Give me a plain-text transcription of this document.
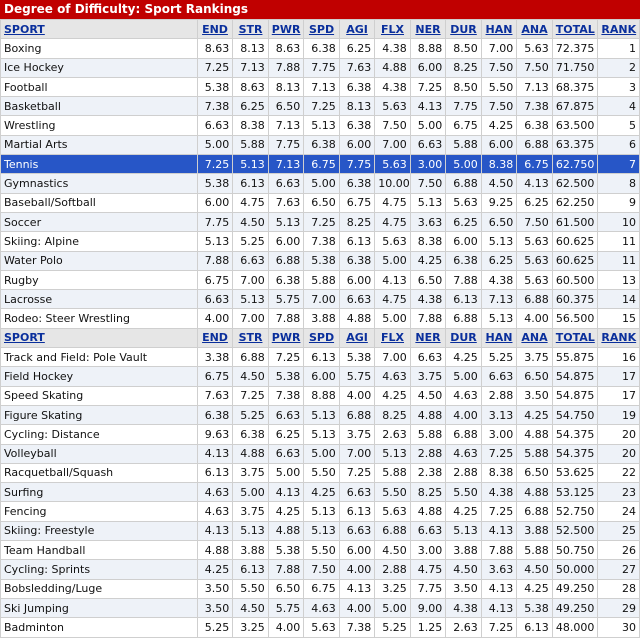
Degree of Difficulty: Sport Rankings
SPORT	END	STR	PWR	SPD	AGI	FLX	NER	DUR	HAN	ANA	TOTAL	RANK
Boxing	8.63	8.13	8.63	6.38	6.25	4.38	8.88	8.50	7.00	5.63	72.375	1
Ice Hockey	7.25	7.13	7.88	7.75	7.63	4.88	6.00	8.25	7.50	7.50	71.750	2
Football	5.38	8.63	8.13	7.13	6.38	4.38	7.25	8.50	5.50	7.13	68.375	3
Basketball	7.38	6.25	6.50	7.25	8.13	5.63	4.13	7.75	7.50	7.38	67.875	4
Wrestling	6.63	8.38	7.13	5.13	6.38	7.50	5.00	6.75	4.25	6.38	63.500	5
Martial Arts	5.00	5.88	7.75	6.38	6.00	7.00	6.63	5.88	6.00	6.88	63.375	6
Tennis	7.25	5.13	7.13	6.75	7.75	5.63	3.00	5.00	8.38	6.75	62.750	7
Gymnastics	5.38	6.13	6.63	5.00	6.38	10.00	7.50	6.88	4.50	4.13	62.500	8
Baseball/Softball	6.00	4.75	7.63	6.50	6.75	4.75	5.13	5.63	9.25	6.25	62.250	9
Soccer	7.75	4.50	5.13	7.25	8.25	4.75	3.63	6.25	6.50	7.50	61.500	10
Skiing: Alpine	5.13	5.25	6.00	7.38	6.13	5.63	8.38	6.00	5.13	5.63	60.625	11
Water Polo	7.88	6.63	6.88	5.38	6.38	5.00	4.25	6.38	6.25	5.63	60.625	11
Rugby	6.75	7.00	6.38	5.88	6.00	4.13	6.50	7.88	4.38	5.63	60.500	13
Lacrosse	6.63	5.13	5.75	7.00	6.63	4.75	4.38	6.13	7.13	6.88	60.375	14
Rodeo: Steer Wrestling	4.00	7.00	7.88	3.88	4.88	5.00	7.88	6.88	5.13	4.00	56.500	15
SPORT	END	STR	PWR	SPD	AGI	FLX	NER	DUR	HAN	ANA	TOTAL	RANK
Track and Field: Pole Vault	3.38	6.88	7.25	6.13	5.38	7.00	6.63	4.25	5.25	3.75	55.875	16
Field Hockey	6.75	4.50	5.38	6.00	5.75	4.63	3.75	5.00	6.63	6.50	54.875	17
Speed Skating	7.63	7.25	7.38	8.88	4.00	4.25	4.50	4.63	2.88	3.50	54.875	17
Figure Skating	6.38	5.25	6.63	5.13	6.88	8.25	4.88	4.00	3.13	4.25	54.750	19
Cycling: Distance	9.63	6.38	6.25	5.13	3.75	2.63	5.88	6.88	3.00	4.88	54.375	20
Volleyball	4.13	4.88	6.63	5.00	7.00	5.13	2.88	4.63	7.25	5.88	54.375	20
Racquetball/Squash	6.13	3.75	5.00	5.50	7.25	5.88	2.38	2.88	8.38	6.50	53.625	22
Surfing	4.63	5.00	4.13	4.25	6.63	5.50	8.25	5.50	4.38	4.88	53.125	23
Fencing	4.63	3.75	4.25	5.13	6.13	5.63	4.88	4.25	7.25	6.88	52.750	24
Skiing: Freestyle	4.13	5.13	4.88	5.13	6.63	6.88	6.63	5.13	4.13	3.88	52.500	25
Team Handball	4.88	3.88	5.38	5.50	6.00	4.50	3.00	3.88	7.88	5.88	50.750	26
Cycling: Sprints	4.25	6.13	7.88	7.50	4.00	2.88	4.75	4.50	3.63	4.50	50.000	27
Bobsledding/Luge	3.50	5.50	6.50	6.75	4.13	3.25	7.75	3.50	4.13	4.25	49.250	28
Ski Jumping	3.50	4.50	5.75	4.63	4.00	5.00	9.00	4.38	4.13	5.38	49.250	29
Badminton	5.25	3.25	4.00	5.63	7.38	5.25	1.25	2.63	7.25	6.13	48.000	30
